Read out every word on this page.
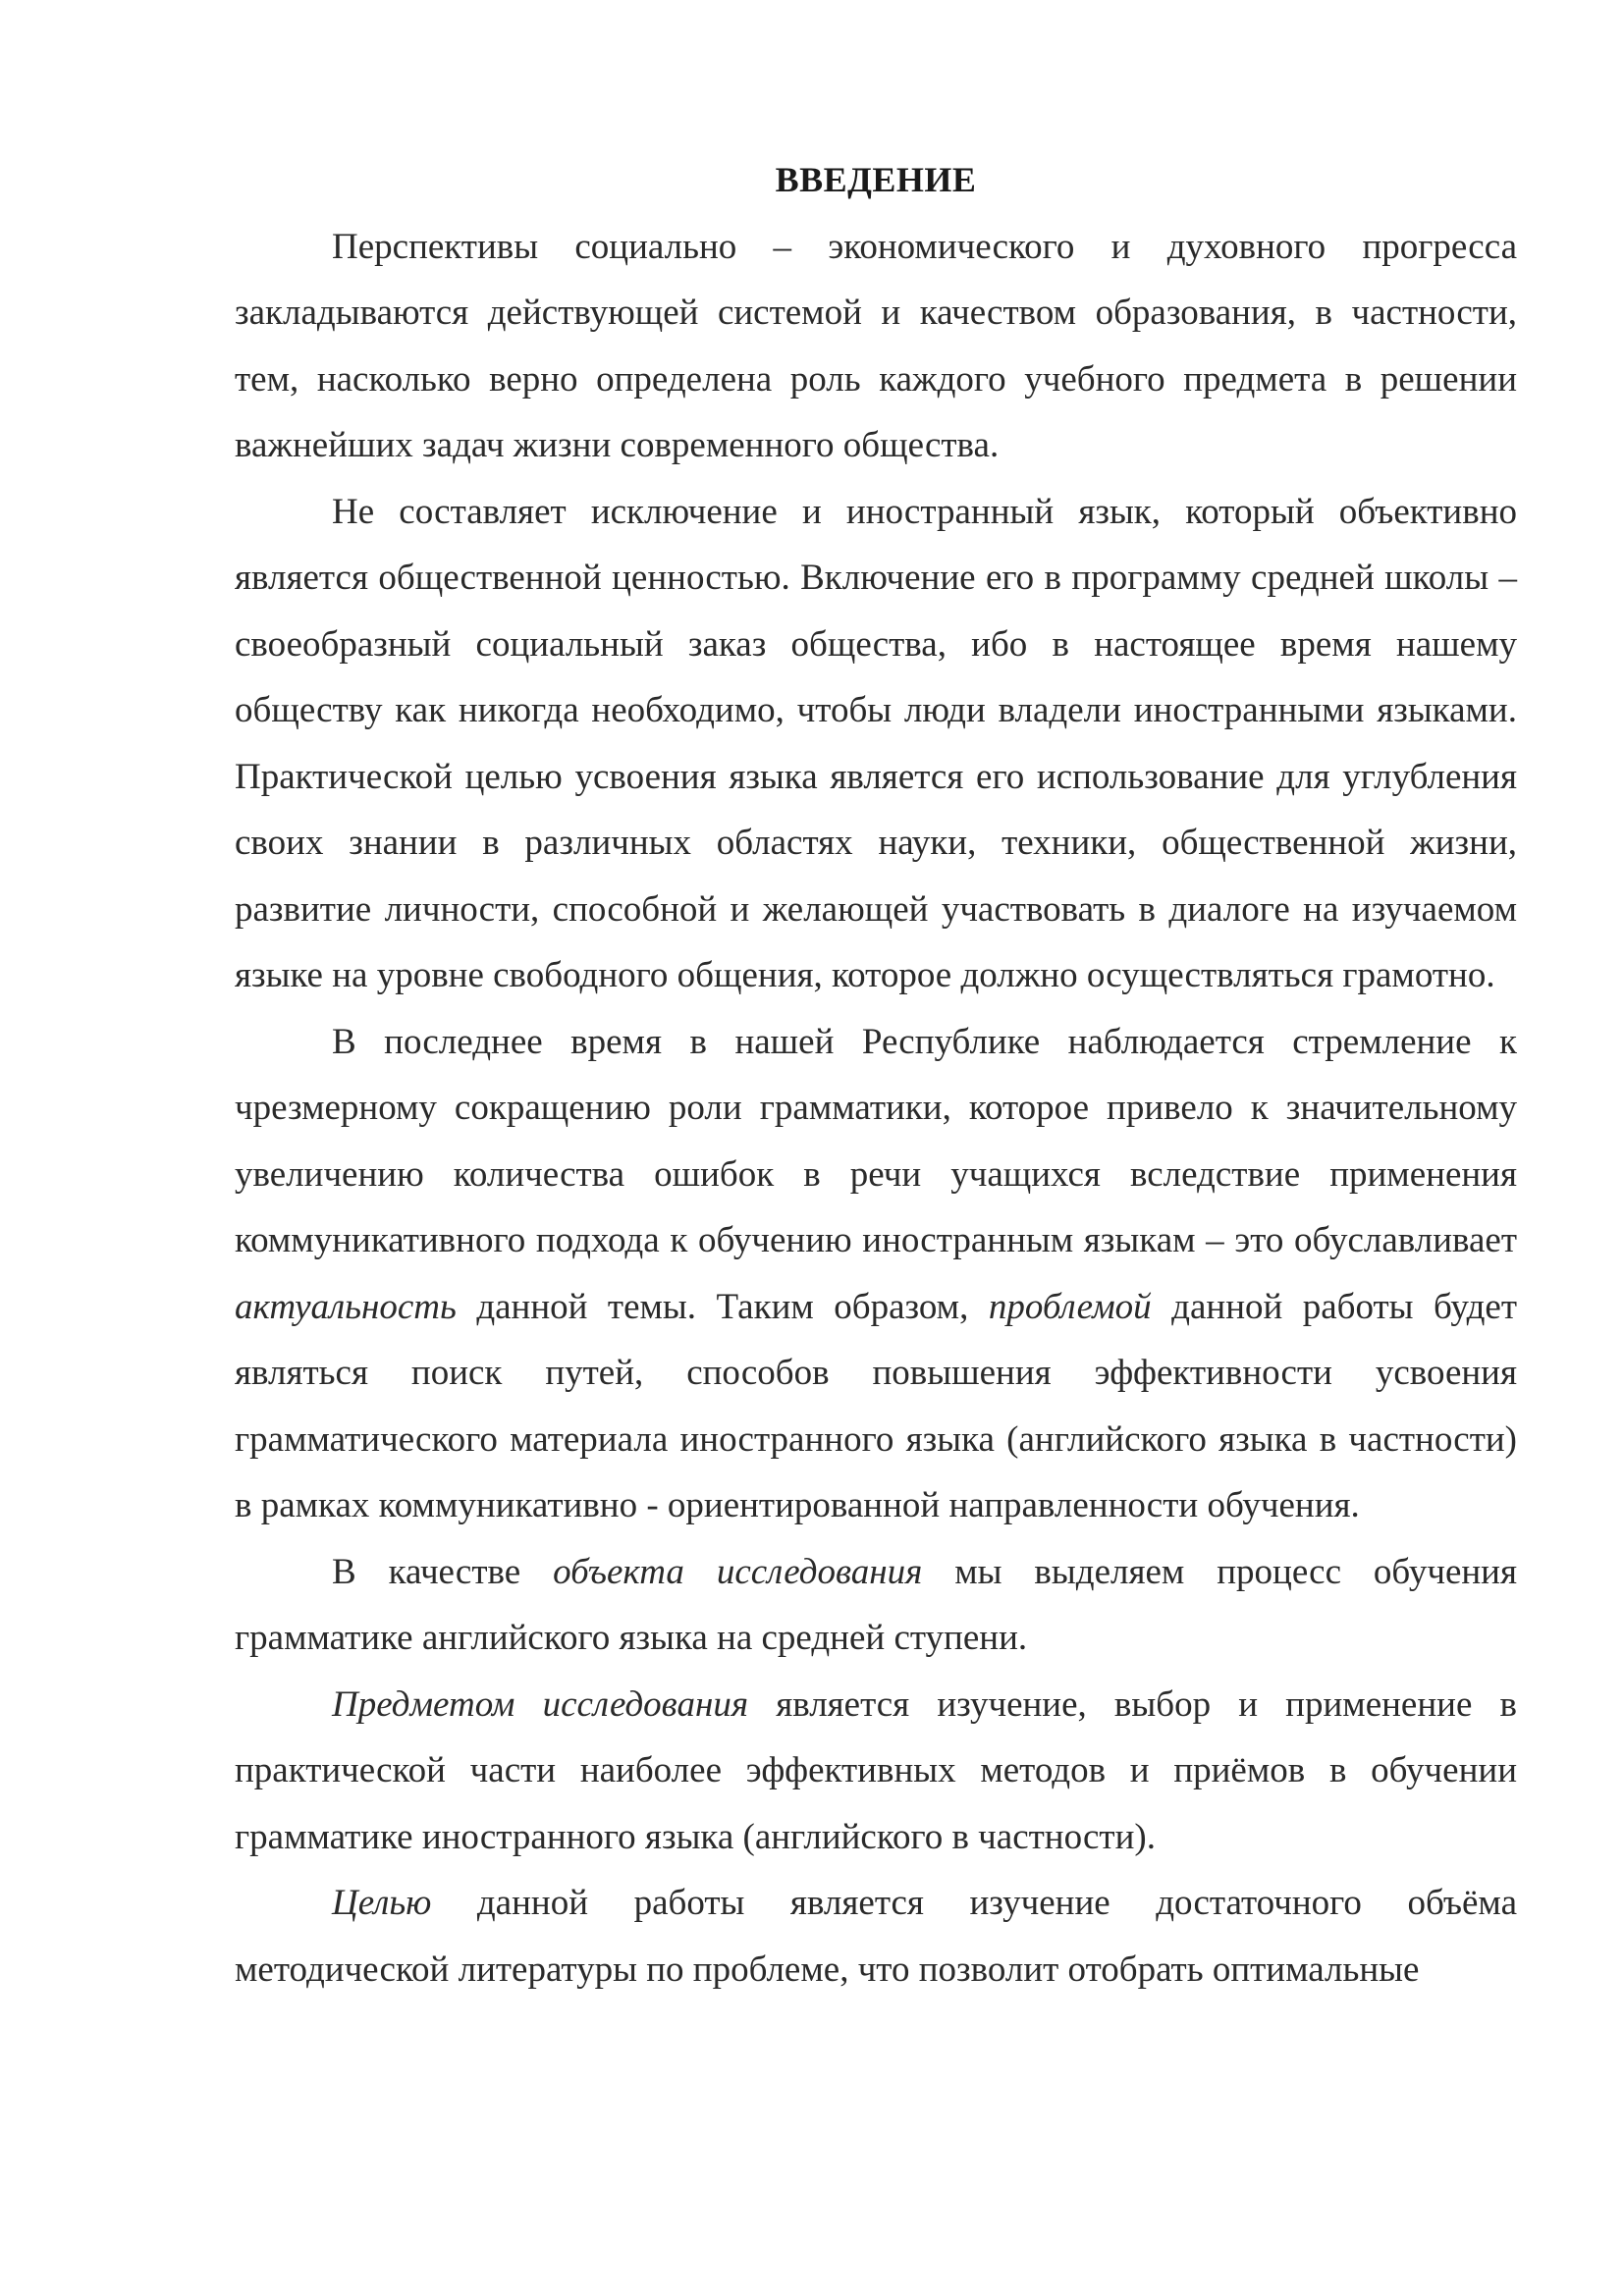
ВВЕДЕНИЕ

Перспективы социально – экономического и духовного прогресса закладываются действующей системой и качеством образования, в частности, тем, насколько верно определена роль каждого учебного предмета в решении важнейших задач жизни современного общества.

Не составляет исключение и иностранный язык, который объективно является общественной ценностью. Включение его в программу средней школы – своеобразный социальный заказ общества, ибо в настоящее время нашему обществу как никогда необходимо, чтобы люди владели иностранными языками. Практической целью усвоения языка является его использование для углубления своих знании в различных областях науки, техники, общественной жизни, развитие личности, способной и желающей участвовать в диалоге на изучаемом языке на уровне свободного общения, которое должно осуществляться грамотно.

В последнее время в нашей Республике наблюдается стремление к чрезмерному сокращению роли грамматики, которое привело к значительному увеличению количества ошибок в речи учащихся вследствие применения коммуникативного подхода к обучению иностранным языкам – это обуславливает актуальность данной темы. Таким образом, проблемой данной работы будет являться поиск путей, способов повышения эффективности усвоения грамматического материала иностранного языка (английского языка в частности) в рамках коммуникативно - ориентированной направленности обучения.

В качестве объекта исследования мы выделяем процесс обучения грамматике английского языка на средней ступени.

Предметом исследования является изучение, выбор и применение в практической части наиболее эффективных методов и приёмов в обучении грамматике иностранного языка (английского в частности).

Целью данной работы является изучение достаточного объёма методической литературы по проблеме, что позволит отобрать оптимальные
